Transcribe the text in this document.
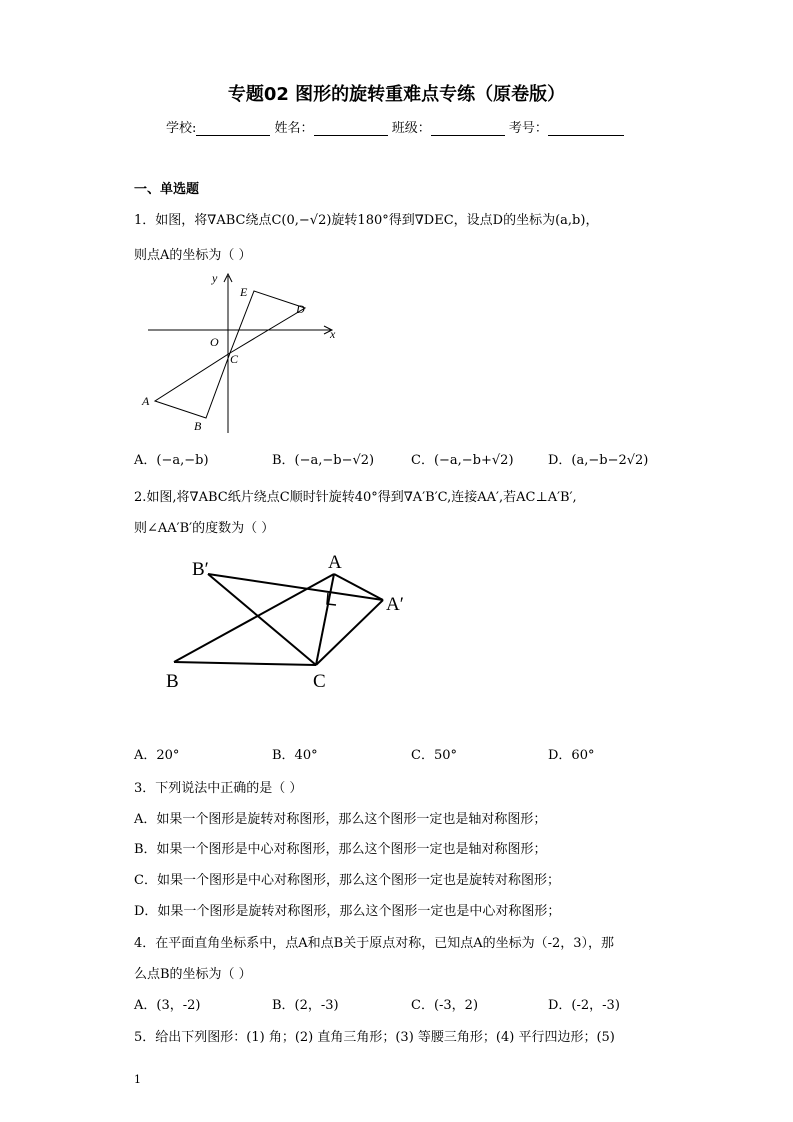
专题02 图形的旋转重难点专练（原卷版）
学校:	姓名：	班级：	考号：
一、单选题
1．如图，将∇ABC绕点C(0,−√2)旋转180°得到∇DEC，设点D的坐标为(a,b)，
则点A的坐标为（ ）
y
x
O
C
A
B
D
E
A．(−a,−b)	B．(−a,−b−√2)	C．(−a,−b+√2)	D．(a,−b−2√2)
2.如图,将∇ABC纸片绕点C顺时针旋转40°得到∇A′B′C,连接AA′,若AC⊥A′B′,
则∠AA′B′的度数为（ ）
A
A′
B′
B	C
A．20°	B．40°	C．50°	D．60°
3．下列说法中正确的是（ ）
A．如果一个图形是旋转对称图形，那么这个图形一定也是轴对称图形；
B．如果一个图形是中心对称图形，那么这个图形一定也是轴对称图形；
C．如果一个图形是中心对称图形，那么这个图形一定也是旋转对称图形；
D．如果一个图形是旋转对称图形，那么这个图形一定也是中心对称图形；
4．在平面直角坐标系中，点A和点B关于原点对称，已知点A的坐标为（-2，3），那
么点B的坐标为（ ）
A．(3，-2)	B．(2，-3)	C．(-3，2)	D．(-2，-3)
5．给出下列图形：(1) 角；(2) 直角三角形；(3) 等腰三角形；(4) 平行四边形；(5)
1
